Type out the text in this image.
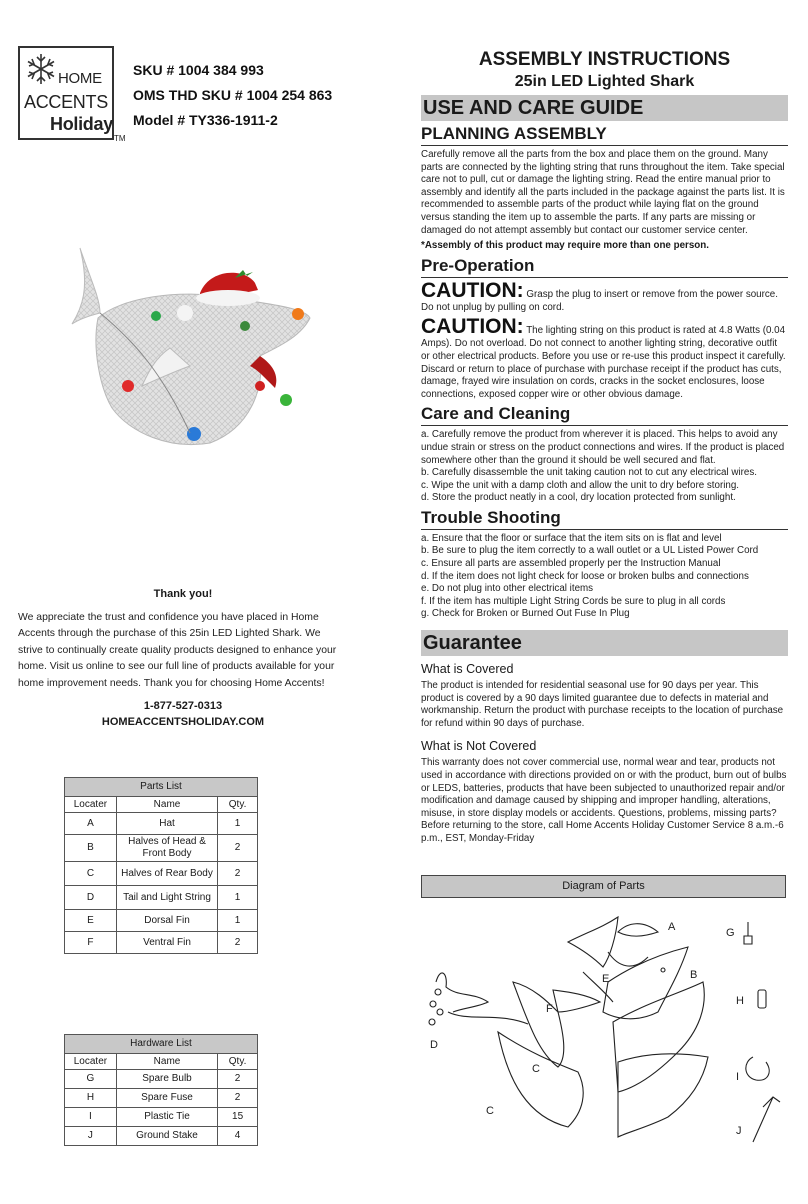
HOME
ACCENTS
Holiday
TM
SKU # 1004 384 993
OMS THD SKU # 1004 254 863
Model # TY336-1911-2
Thank you!

We appreciate the trust and confidence you have placed in Home Accents through the purchase of this 25in LED Lighted Shark. We strive to continually create quality products designed to enhance your home. Visit us online to see our full line of products available for your home improvement needs. Thank you for choosing Home Accents!

1-877-527-0313
HOMEACCENTSHOLIDAY.COM
Parts List		
Locater	Name	Qty.
A	Hat	1
B	Halves of Head & Front Body	2
C	Halves of Rear Body	2
D	Tail and Light String	1
E	Dorsal Fin	1
F	Ventral Fin	2
Hardware List		
Locater	Name	Qty.
G	Spare Bulb	2
H	Spare Fuse	2
I	Plastic Tie	15
J	Ground Stake	4
ASSEMBLY INSTRUCTIONS
25in LED Lighted Shark
USE AND CARE GUIDE
PLANNING ASSEMBLY

Carefully remove all the parts from the box and place them on the ground. Many parts are connected by the lighting string that runs throughout the item. Take special care not to pull, cut or damage the lighting string. Read the entire manual prior to assembly and identify all the parts included in the package against the parts list. It is recommended to assemble parts of the product while laying flat on the ground versus standing the item up to assemble the parts. If any parts are missing or damaged do not attempt assembly but contact our customer service center.

*Assembly of this product may require more than one person.

Pre-Operation

CAUTION: Grasp the plug to insert or remove from the power source. Do not unplug by pulling on cord.

CAUTION: The lighting string on this product is rated at 4.8 Watts (0.04 Amps). Do not overload. Do not connect to another lighting string, decorative outfit or other electrical products. Before you use or re-use this product inspect it carefully. Discard or return to place of purchase with purchase receipt if the product has cuts, damage, frayed wire insulation on cords, cracks in the socket enclosures, loose connections, exposed copper wire or other obvious damage.

Care and Cleaning

a. Carefully remove the product from wherever it is placed. This helps to avoid any undue strain or stress on the product connections and wires. If the product is placed somewhere other than the ground it should be well secured and flat.

b. Carefully disassemble the unit taking caution not to cut any electrical wires.

c. Wipe the unit with a damp cloth and allow the unit to dry before storing.

d. Store the product neatly in a cool, dry location protected from sunlight.

Trouble Shooting

a. Ensure that the floor or surface that the item sits on is flat and level

b. Be sure to plug the item correctly to a wall outlet or a UL Listed Power Cord

c. Ensure all parts are assembled properly per the Instruction Manual

d. If the item does not light check for loose or broken bulbs and connections

e. Do not plug into other electrical items

f. If the item has multiple Light String Cords be sure to plug in all cords

g. Check for Broken or Burned Out Fuse In Plug

Guarantee
What is Covered

The product is intended for residential seasonal use for 90 days per year. This product is covered by a 90 days limited guarantee due to defects in material and workmanship. Return the product with purchase receipts to the location of purchase for refund within 90 days of purchase.

What is Not Covered

This warranty does not cover commercial use, normal wear and tear, products not used in accordance with directions provided on or with the product, burn out of bulbs or LEDS, batteries, products that have been subjected to unauthorized repair and/or modification and damage caused by shipping and improper handling, alterations, misuse, in store display models or accidents. Questions, problems, missing parts? Before returning to the store, call Home Accents Holiday Customer Service 8 a.m.-6 p.m., EST, Monday-Friday

Diagram of Parts
A
B
C
C
D
E
F
G
H
I
J
